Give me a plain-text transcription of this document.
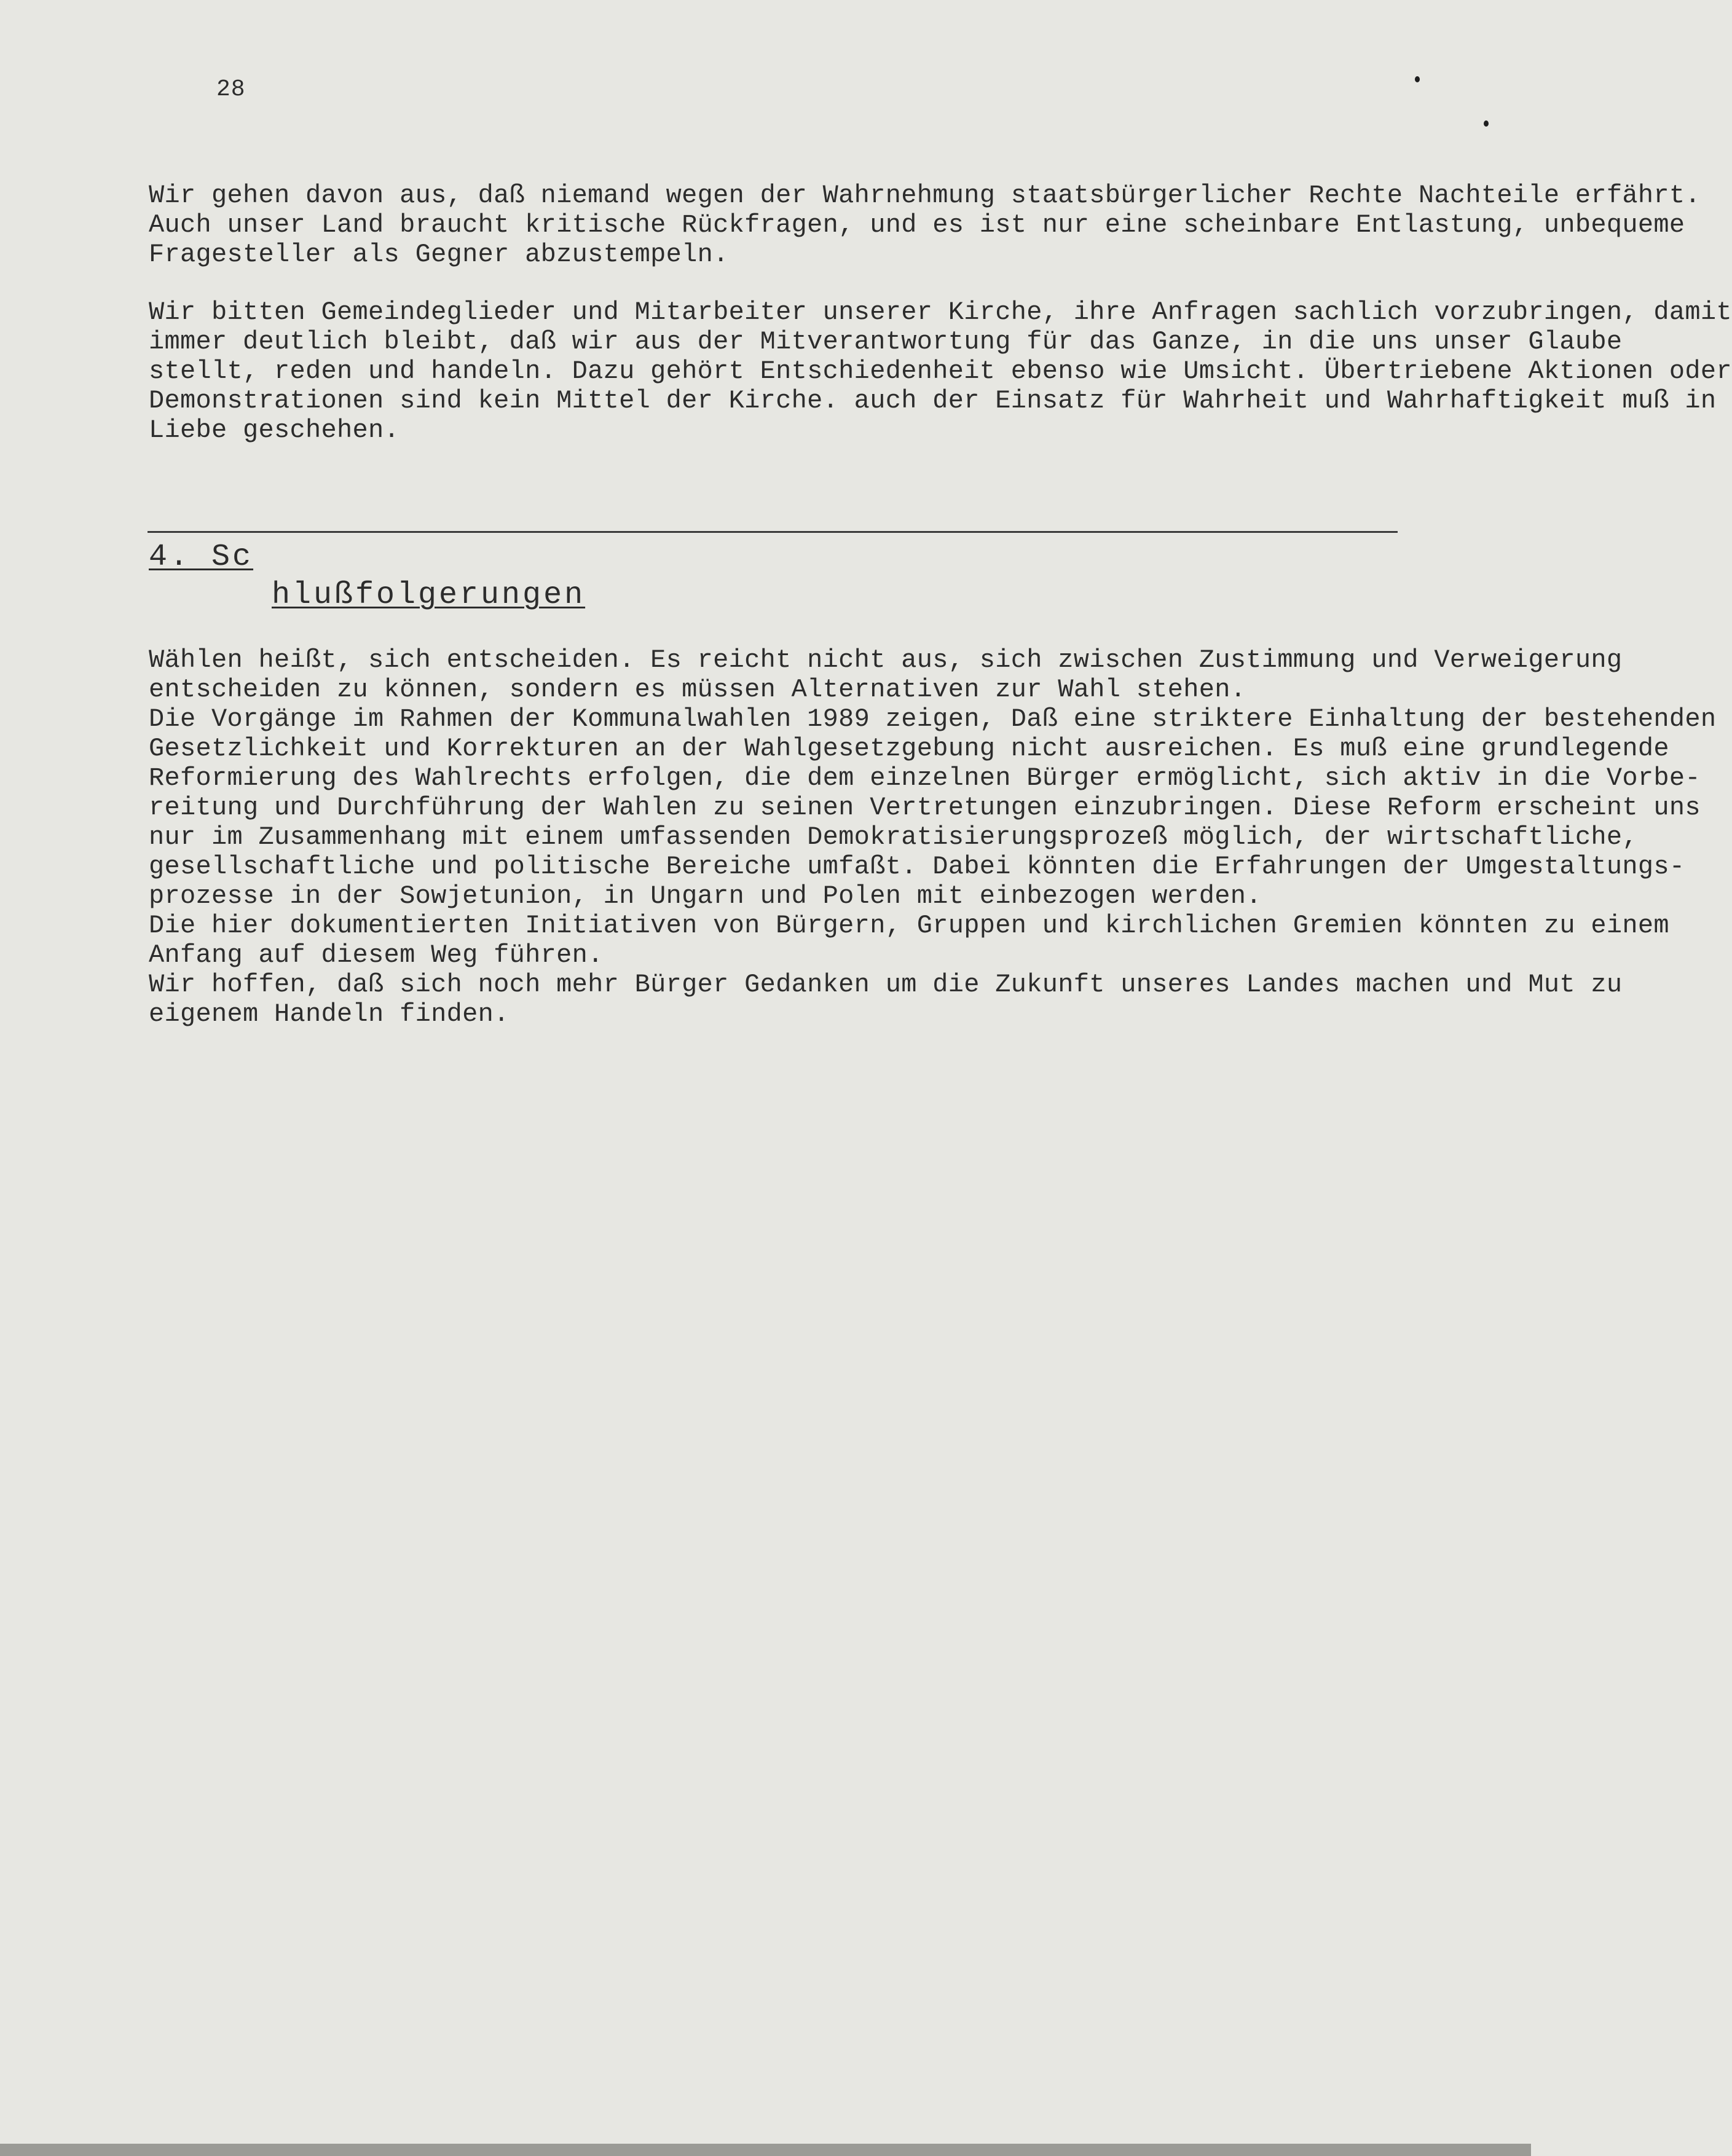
28
Wir gehen davon aus, daß niemand wegen der Wahrnehmung staatsbürgerlicher Rechte Nachteile erfährt.
Auch unser Land braucht kritische Rückfragen, und es ist nur eine scheinbare Entlastung, unbequeme
Fragesteller als Gegner abzustempeln.
Wir bitten Gemeindeglieder und Mitarbeiter unserer Kirche, ihre Anfragen sachlich vorzubringen, damit
immer deutlich bleibt, daß wir aus der Mitverantwortung für das Ganze, in die uns unser Glaube
stellt, reden und handeln. Dazu gehört Entschiedenheit ebenso wie Umsicht. Übertriebene Aktionen oder
Demonstrationen sind kein Mittel der Kirche. auch der Einsatz für Wahrheit und Wahrhaftigkeit muß in
Liebe geschehen.
4. Sc
hlußfolgerungen
Wählen heißt, sich entscheiden. Es reicht nicht aus, sich zwischen Zustimmung und Verweigerung
entscheiden zu können, sondern es müssen Alternativen zur Wahl stehen.
Die Vorgänge im Rahmen der Kommunalwahlen 1989 zeigen, Daß eine striktere Einhaltung der bestehenden
Gesetzlichkeit und Korrekturen an der Wahlgesetzgebung nicht ausreichen. Es muß eine grundlegende
Reformierung des Wahlrechts erfolgen, die dem einzelnen Bürger ermöglicht, sich aktiv in die Vorbe-
reitung und Durchführung der Wahlen zu seinen Vertretungen einzubringen. Diese Reform erscheint uns
nur im Zusammenhang mit einem umfassenden Demokratisierungsprozeß möglich, der wirtschaftliche,
gesellschaftliche und politische Bereiche umfaßt. Dabei könnten die Erfahrungen der Umgestaltungs-
prozesse in der Sowjetunion, in Ungarn und Polen mit einbezogen werden.
Die hier dokumentierten Initiativen von Bürgern, Gruppen und kirchlichen Gremien könnten zu einem
Anfang auf diesem Weg führen.
Wir hoffen, daß sich noch mehr Bürger Gedanken um die Zukunft unseres Landes machen und Mut zu
eigenem Handeln finden.
